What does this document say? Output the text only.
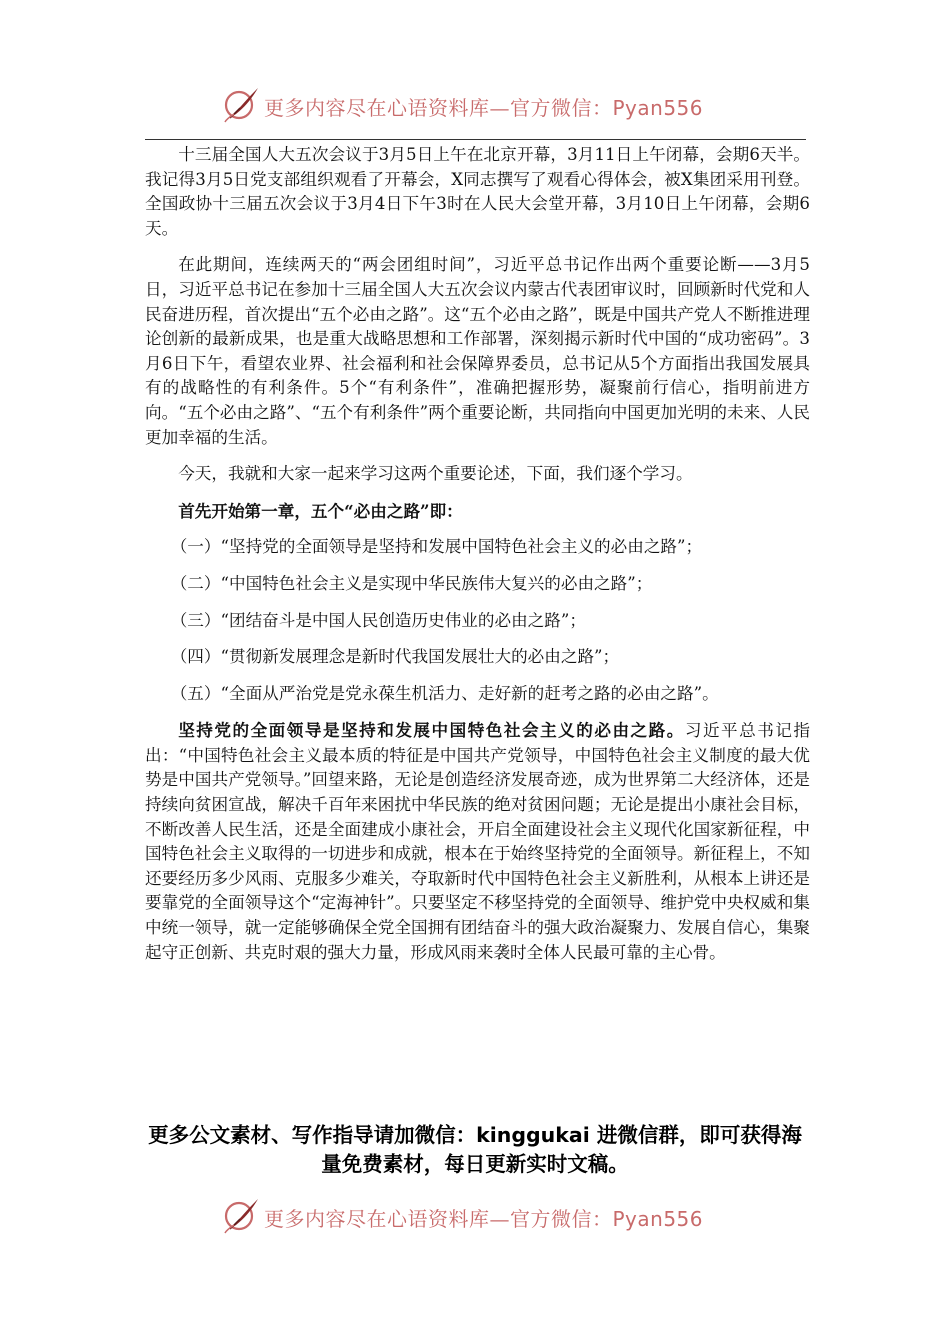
更多内容尽在心语资料库—官方微信：Pyan556

十三届全国人大五次会议于3月5日上午在北京开幕，3月11日上午闭幕，会期6天半。我记得3月5日党支部组织观看了开幕会，X同志撰写了观看心得体会，被X集团采用刊登。全国政协十三届五次会议于3月4日下午3时在人民大会堂开幕，3月10日上午闭幕，会期6天。

在此期间，连续两天的“两会团组时间”，习近平总书记作出两个重要论断——3月5日，习近平总书记在参加十三届全国人大五次会议内蒙古代表团审议时，回顾新时代党和人民奋进历程，首次提出“五个必由之路”。这“五个必由之路”，既是中国共产党人不断推进理论创新的最新成果，也是重大战略思想和工作部署，深刻揭示新时代中国的“成功密码”。3月6日下午，看望农业界、社会福利和社会保障界委员，总书记从5个方面指出我国发展具有的战略性的有利条件。5个“有利条件”，准确把握形势，凝聚前行信心，指明前进方向。“五个必由之路”、“五个有利条件”两个重要论断，共同指向中国更加光明的未来、人民更加幸福的生活。

今天，我就和大家一起来学习这两个重要论述，下面，我们逐个学习。

首先开始第一章，五个“必由之路”即：

（一）“坚持党的全面领导是坚持和发展中国特色社会主义的必由之路”；

（二）“中国特色社会主义是实现中华民族伟大复兴的必由之路”；

（三）“团结奋斗是中国人民创造历史伟业的必由之路”；

（四）“贯彻新发展理念是新时代我国发展壮大的必由之路”；

（五）“全面从严治党是党永葆生机活力、走好新的赶考之路的必由之路”。

坚持党的全面领导是坚持和发展中国特色社会主义的必由之路。习近平总书记指出：“中国特色社会主义最本质的特征是中国共产党领导，中国特色社会主义制度的最大优势是中国共产党领导。”回望来路，无论是创造经济发展奇迹，成为世界第二大经济体，还是持续向贫困宣战，解决千百年来困扰中华民族的绝对贫困问题；无论是提出小康社会目标，不断改善人民生活，还是全面建成小康社会，开启全面建设社会主义现代化国家新征程，中国特色社会主义取得的一切进步和成就，根本在于始终坚持党的全面领导。新征程上，不知还要经历多少风雨、克服多少难关，夺取新时代中国特色社会主义新胜利，从根本上讲还是要靠党的全面领导这个“定海神针”。只要坚定不移坚持党的全面领导、维护党中央权威和集中统一领导，就一定能够确保全党全国拥有团结奋斗的强大政治凝聚力、发展自信心，集聚起守正创新、共克时艰的强大力量，形成风雨来袭时全体人民最可靠的主心骨。

更多公文素材、写作指导请加微信：kinggukai 进微信群，即可获得海量免费素材，每日更新实时文稿。
更多内容尽在心语资料库—官方微信：Pyan556
